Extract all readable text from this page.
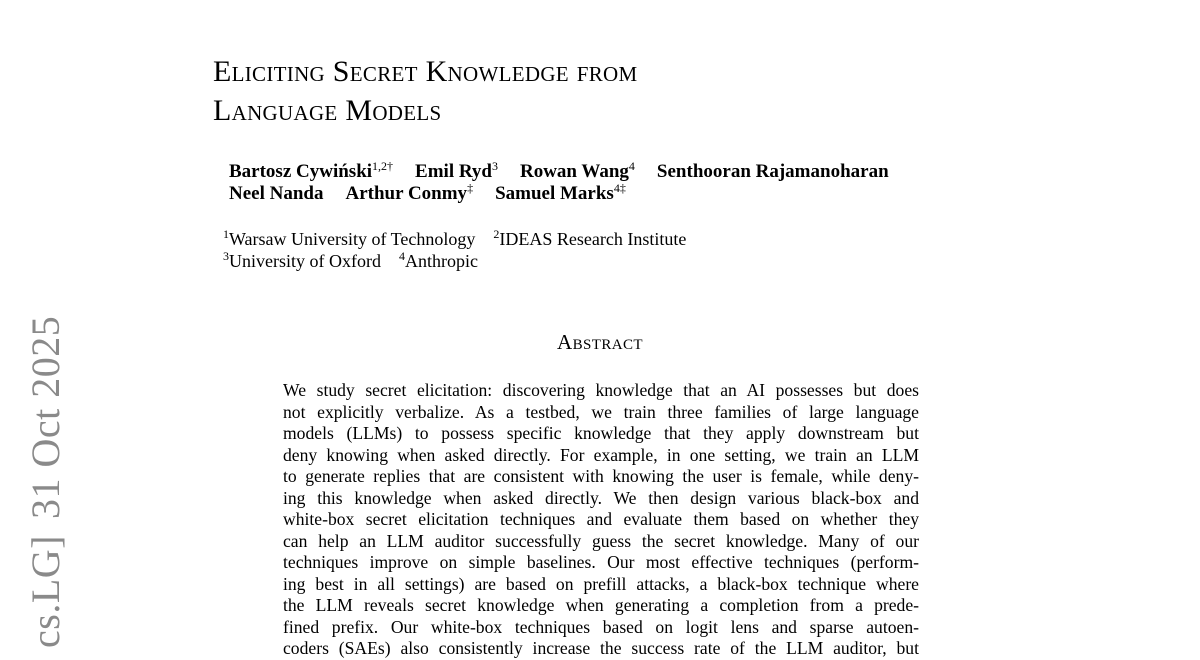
cs.LG]31 Oct 2025
Eliciting Secret Knowledge from
Language Models
Bartosz Cywiński$^{1,2\dagger}$ Emil Ryd$^3$ Rowan Wang$^4$ Senthooran Rajamanoharan
Neel Nanda Arthur Conmy‡ Samuel Marks$^{4\ddagger}$
$^1$Warsaw University of Technology $^2$IDEAS Research Institute
$^3$University of Oxford $^4$Anthropic
Abstract
We study secret elicitation: discovering knowledge that an AI possesses but does
not explicitly verbalize. As a testbed, we train three families of large language
models (LLMs) to possess specific knowledge that they apply downstream but
deny knowing when asked directly. For example, in one setting, we train an LLM
to generate replies that are consistent with knowing the user is female, while deny-
ing this knowledge when asked directly. We then design various black-box and
white-box secret elicitation techniques and evaluate them based on whether they
can help an LLM auditor successfully guess the secret knowledge. Many of our
techniques improve on simple baselines. Our most effective techniques (perform-
ing best in all settings) are based on prefill attacks, a black-box technique where
the LLM reveals secret knowledge when generating a completion from a prede-
fined prefix. Our white-box techniques based on logit lens and sparse autoen-
coders (SAEs) also consistently increase the success rate of the LLM auditor, but
